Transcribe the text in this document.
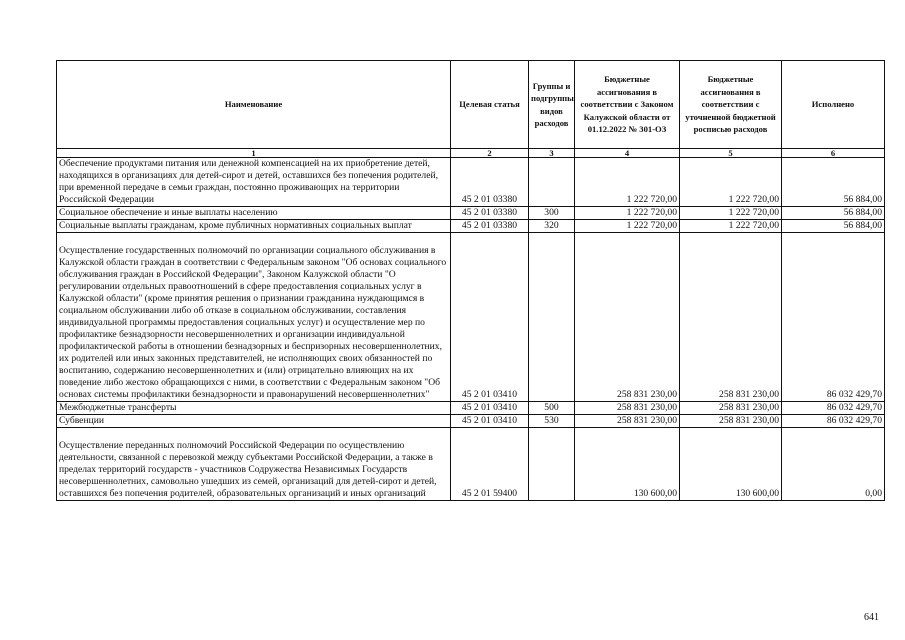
Наименование	Целевая статья	Группы и подгруппы видов расходов	Бюджетные ассигнования в соответствии с Законом Калужской области от 01.12.2022 № 301-ОЗ	Бюджетные ассигнования в соответствии с уточненной бюджетной росписью расходов	Исполнено
1	2	3	4	5	6
Обеспечение продуктами питания или денежной компенсацией на их приобретение детей, находящихся в организациях для детей-сирот и детей, оставшихся без попечения родителей, при временной передаче в семьи граждан, постоянно проживающих на территории Российской Федерации	45 2 01 03380		1 222 720,00	1 222 720,00	56 884,00
Социальное обеспечение и иные выплаты населению	45 2 01 03380	300	1 222 720,00	1 222 720,00	56 884,00
Социальные выплаты гражданам, кроме публичных нормативных социальных выплат	45 2 01 03380	320	1 222 720,00	1 222 720,00	56 884,00
Осуществление государственных полномочий по организации социального обслуживания в Калужской области граждан в соответствии с Федеральным законом "Об основах социального обслуживания граждан в Российской Федерации", Законом Калужской области "О регулировании отдельных правоотношений в сфере предоставления социальных услуг в Калужской области" (кроме принятия решения о признании гражданина нуждающимся в социальном обслуживании либо об отказе в социальном обслуживании, составления индивидуальной программы предоставления социальных услуг) и осуществление мер по профилактике безнадзорности несовершеннолетних и организации индивидуальной профилактической работы в отношении безнадзорных и беспризорных несовершеннолетних, их родителей или иных законных представителей, не исполняющих своих обязанностей по воспитанию, содержанию несовершеннолетних и (или) отрицательно влияющих на их поведение либо жестоко обращающихся с ними, в соответствии с Федеральным законом "Об основах системы профилактики безнадзорности и правонарушений несовершеннолетних"	45 2 01 03410		258 831 230,00	258 831 230,00	86 032 429,70
Межбюджетные трансферты	45 2 01 03410	500	258 831 230,00	258 831 230,00	86 032 429,70
Субвенции	45 2 01 03410	530	258 831 230,00	258 831 230,00	86 032 429,70
Осуществление переданных полномочий Российской Федерации по осуществлению деятельности, связанной с перевозкой между субъектами Российской Федерации, а также в пределах территорий государств - участников Содружества Независимых Государств несовершеннолетних, самовольно ушедших из семей, организаций для детей-сирот и детей, оставшихся без попечения родителей, образовательных организаций и иных организаций	45 2 01 59400		130 600,00	130 600,00	0,00
641
